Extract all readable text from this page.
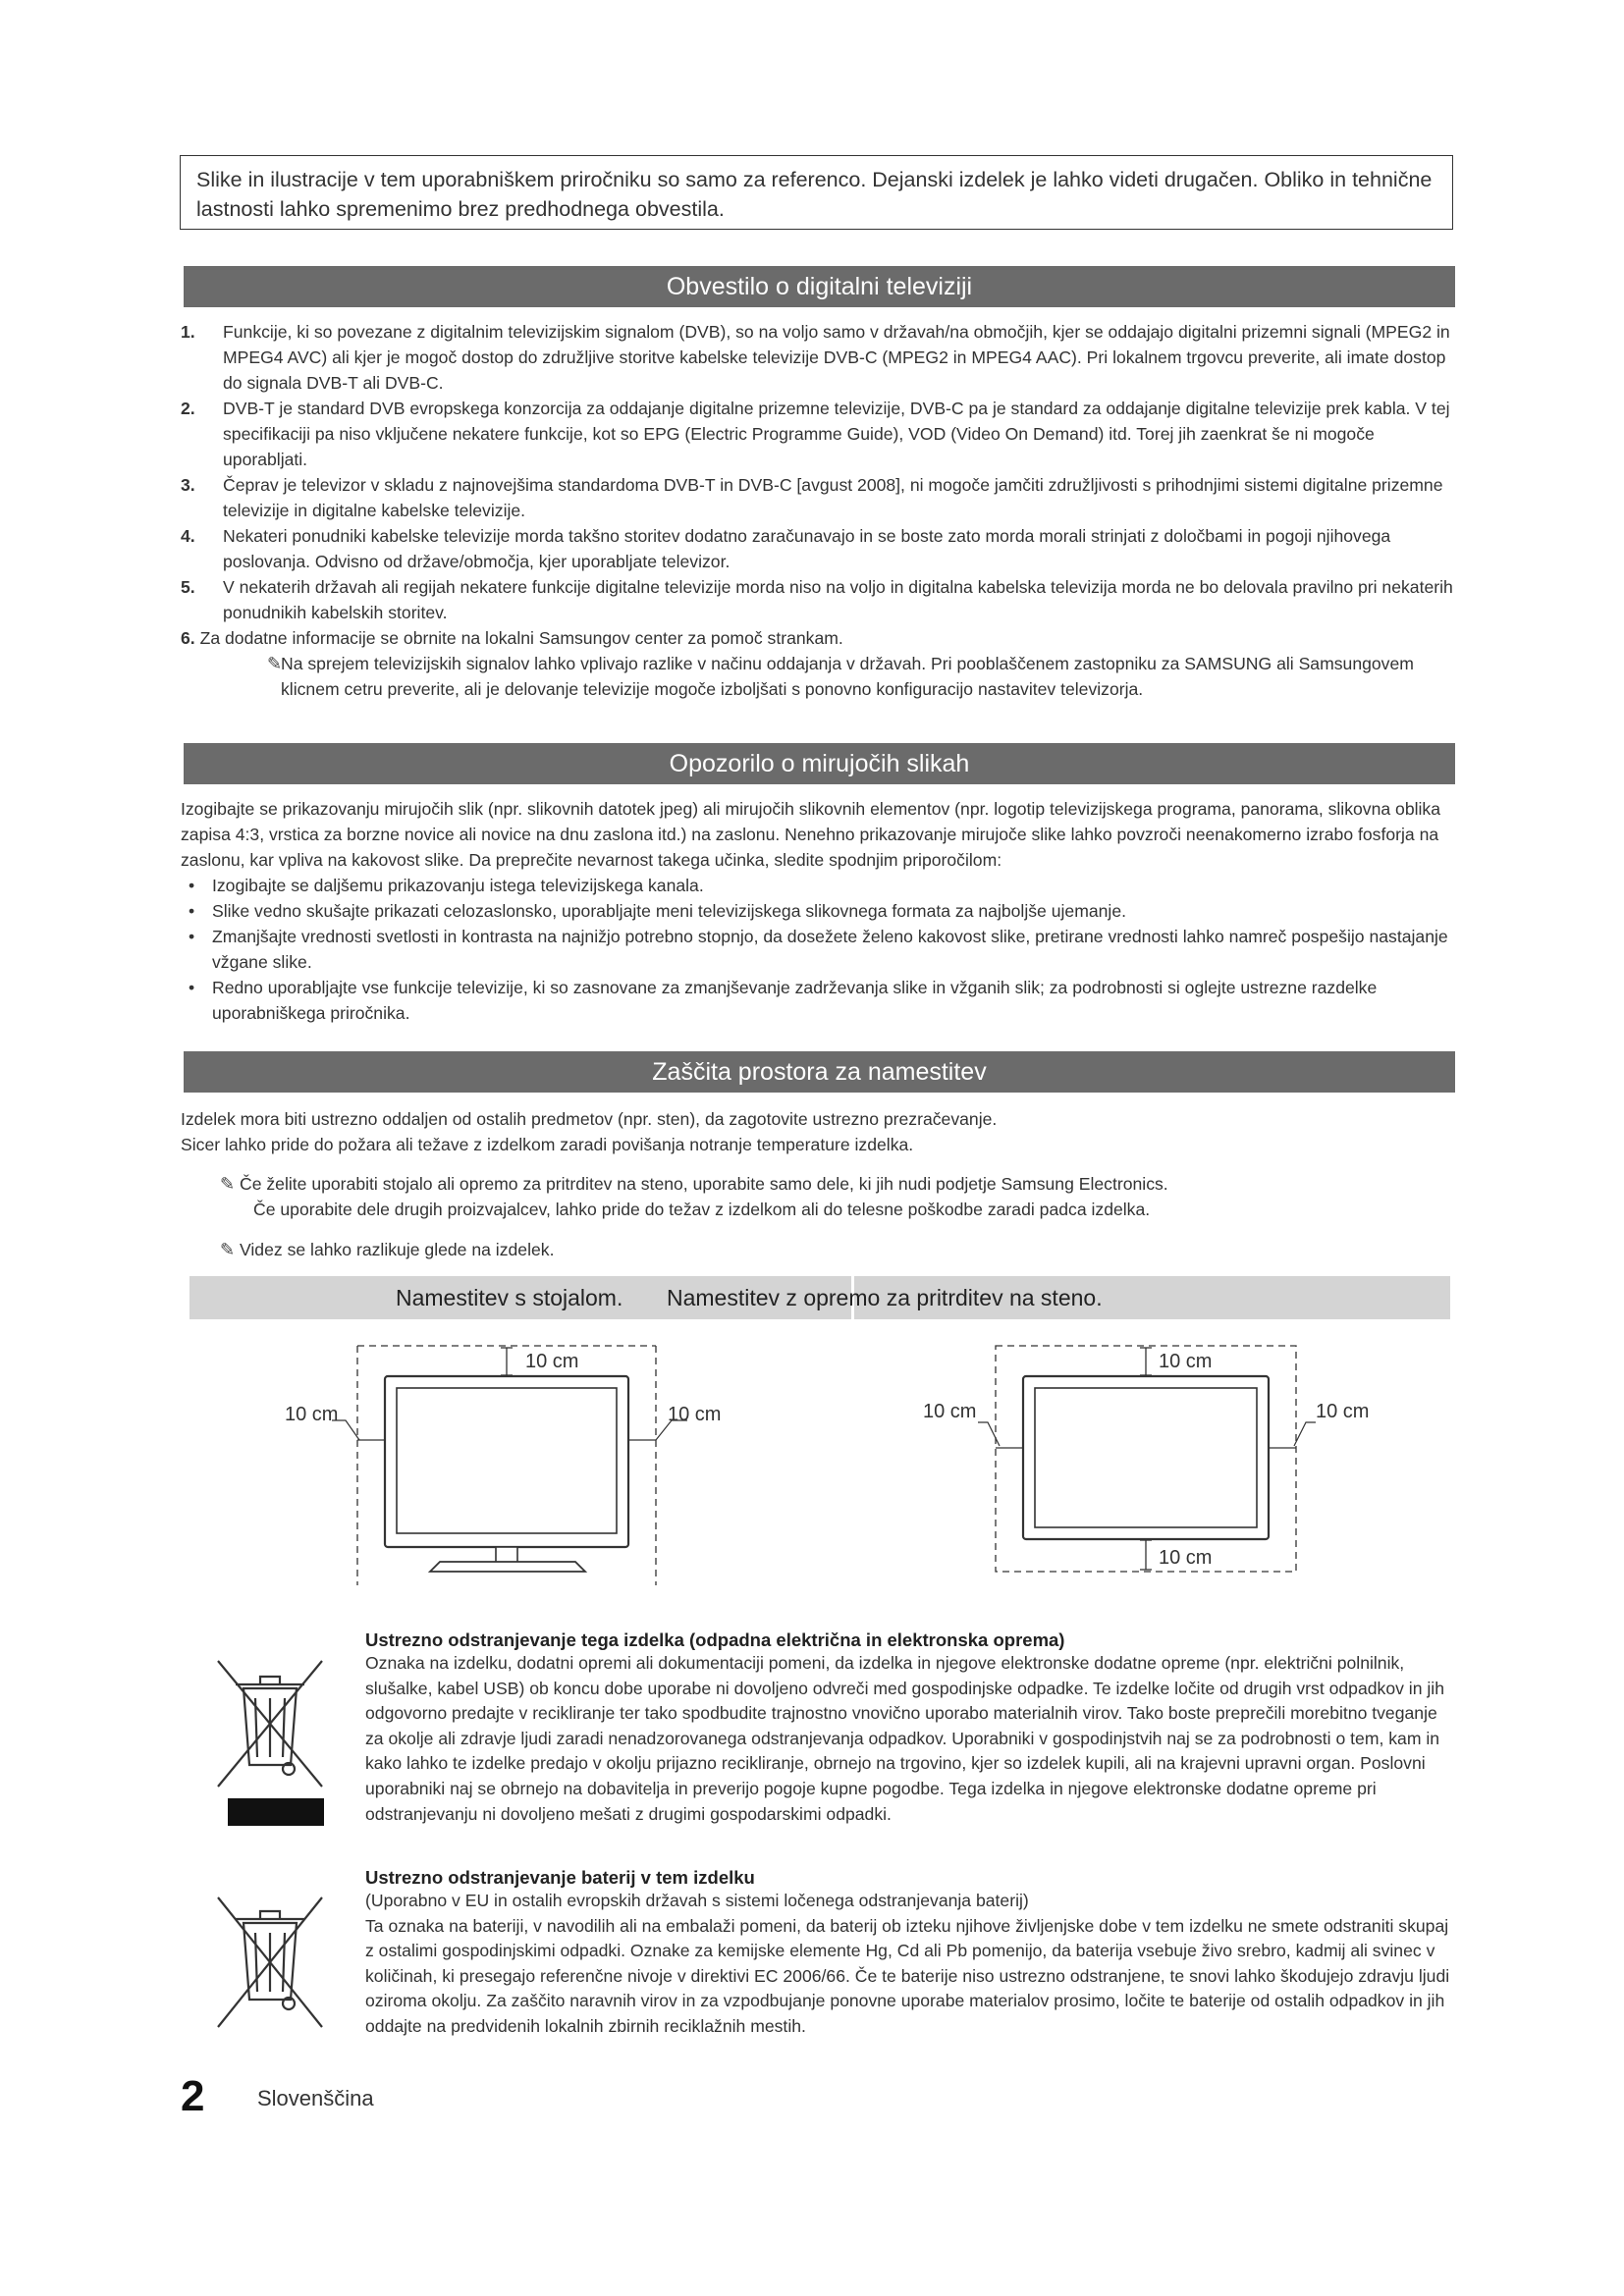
Slike in ilustracije v tem uporabniškem priročniku so samo za referenco. Dejanski izdelek je lahko videti drugačen. Obliko in tehnične lastnosti lahko spremenimo brez predhodnega obvestila.
Obvestilo o digitalni televiziji
1. Funkcije, ki so povezane z digitalnim televizijskim signalom (DVB), so na voljo samo v državah/na območjih, kjer se oddajajo digitalni prizemni signali (MPEG2 in MPEG4 AVC) ali kjer je mogoč dostop do združljive storitve kabelske televizije DVB-C (MPEG2 in MPEG4 AAC). Pri lokalnem trgovcu preverite, ali imate dostop do signala DVB-T ali DVB-C.
2. DVB-T je standard DVB evropskega konzorcija za oddajanje digitalne prizemne televizije, DVB-C pa je standard za oddajanje digitalne televizije prek kabla. V tej specifikaciji pa niso vključene nekatere funkcije, kot so EPG (Electric Programme Guide), VOD (Video On Demand) itd. Torej jih zaenkrat še ni mogoče uporabljati.
3. Čeprav je televizor v skladu z najnovejšima standardoma DVB-T in DVB-C [avgust 2008], ni mogoče jamčiti združljivosti s prihodnjimi sistemi digitalne prizemne televizije in digitalne kabelske televizije.
4. Nekateri ponudniki kabelske televizije morda takšno storitev dodatno zaračunavajo in se boste zato morda morali strinjati z določbami in pogoji njihovega poslovanja. Odvisno od države/območja, kjer uporabljate televizor.
5. V nekaterih državah ali regijah nekatere funkcije digitalne televizije morda niso na voljo in digitalna kabelska televizija morda ne bo delovala pravilno pri nekaterih ponudnikih kabelskih storitev.
6. Za dodatne informacije se obrnite na lokalni Samsungov center za pomoč strankam.
✎
Na sprejem televizijskih signalov lahko vplivajo razlike v načinu oddajanja v državah. Pri pooblaščenem zastopniku za SAMSUNG ali Samsungovem klicnem cetru preverite, ali je delovanje televizije mogoče izboljšati s ponovno konfiguracijo nastavitev televizorja.
Opozorilo o mirujočih slikah
Izogibajte se prikazovanju mirujočih slik (npr. slikovnih datotek jpeg) ali mirujočih slikovnih elementov (npr. logotip televizijskega programa, panorama, slikovna oblika zapisa 4:3, vrstica za borzne novice ali novice na dnu zaslona itd.) na zaslonu. Nenehno prikazovanje mirujoče slike lahko povzroči neenakomerno izrabo fosforja na zaslonu, kar vpliva na kakovost slike. Da preprečite nevarnost takega učinka, sledite spodnjim priporočilom:
• Izogibajte se daljšemu prikazovanju istega televizijskega kanala.
• Slike vedno skušajte prikazati celozaslonsko, uporabljajte meni televizijskega slikovnega formata za najboljše ujemanje.
• Zmanjšajte vrednosti svetlosti in kontrasta na najnižjo potrebno stopnjo, da dosežete želeno kakovost slike, pretirane vrednosti lahko namreč pospešijo nastajanje vžgane slike.
• Redno uporabljajte vse funkcije televizije, ki so zasnovane za zmanjševanje zadrževanja slike in vžganih slik; za podrobnosti si oglejte ustrezne razdelke uporabniškega priročnika.
Zaščita prostora za namestitev
Izdelek mora biti ustrezno oddaljen od ostalih predmetov (npr. sten), da zagotovite ustrezno prezračevanje.
Sicer lahko pride do požara ali težave z izdelkom zaradi povišanja notranje temperature izdelka.
✎ Če želite uporabiti stojalo ali opremo za pritrditev na steno, uporabite samo dele, ki jih nudi podjetje Samsung Electronics.
Če uporabite dele drugih proizvajalcev, lahko pride do težav z izdelkom ali do telesne poškodbe zaradi padca izdelka.
✎ Videz se lahko razlikuje glede na izdelek.
Namestitev s stojalom. Namestitev z opremo za pritrditev na steno.
10 cm
10 cm	10 cm
10 cm
10 cm
10 cm	10 cm
Ustrezno odstranjevanje tega izdelka (odpadna električna in elektronska oprema)
Oznaka na izdelku, dodatni opremi ali dokumentaciji pomeni, da izdelka in njegove elektronske dodatne opreme (npr. električni polnilnik, slušalke, kabel USB) ob koncu dobe uporabe ni dovoljeno odvreči med gospodinjske odpadke. Te izdelke ločite od drugih vrst odpadkov in jih odgovorno predajte v recikliranje ter tako spodbudite trajnostno vnovično uporabo materialnih virov. Tako boste preprečili morebitno tveganje za okolje ali zdravje ljudi zaradi nenadzorovanega odstranjevanja odpadkov. Uporabniki v gospodinjstvih naj se za podrobnosti o tem, kam in kako lahko te izdelke predajo v okolju prijazno recikliranje, obrnejo na trgovino, kjer so izdelek kupili, ali na krajevni upravni organ. Poslovni uporabniki naj se obrnejo na dobavitelja in preverijo pogoje kupne pogodbe. Tega izdelka in njegove elektronske dodatne opreme pri odstranjevanju ni dovoljeno mešati z drugimi gospodarskimi odpadki.
Ustrezno odstranjevanje baterij v tem izdelku
(Uporabno v EU in ostalih evropskih državah s sistemi ločenega odstranjevanja baterij)
Ta oznaka na bateriji, v navodilih ali na embalaži pomeni, da baterij ob izteku njihove življenjske dobe v tem izdelku ne smete odstraniti skupaj z ostalimi gospodinjskimi odpadki. Oznake za kemijske elemente Hg, Cd ali Pb pomenijo, da baterija vsebuje živo srebro, kadmij ali svinec v količinah, ki presegajo referenčne nivoje v direktivi EC 2006/66. Če te baterije niso ustrezno odstranjene, te snovi lahko škodujejo zdravju ljudi oziroma okolju. Za zaščito naravnih virov in za vzpodbujanje ponovne uporabe materialov prosimo, ločite te baterije od ostalih odpadkov in jih oddajte na predvidenih lokalnih zbirnih reciklažnih mestih.
2 Slovenščina
